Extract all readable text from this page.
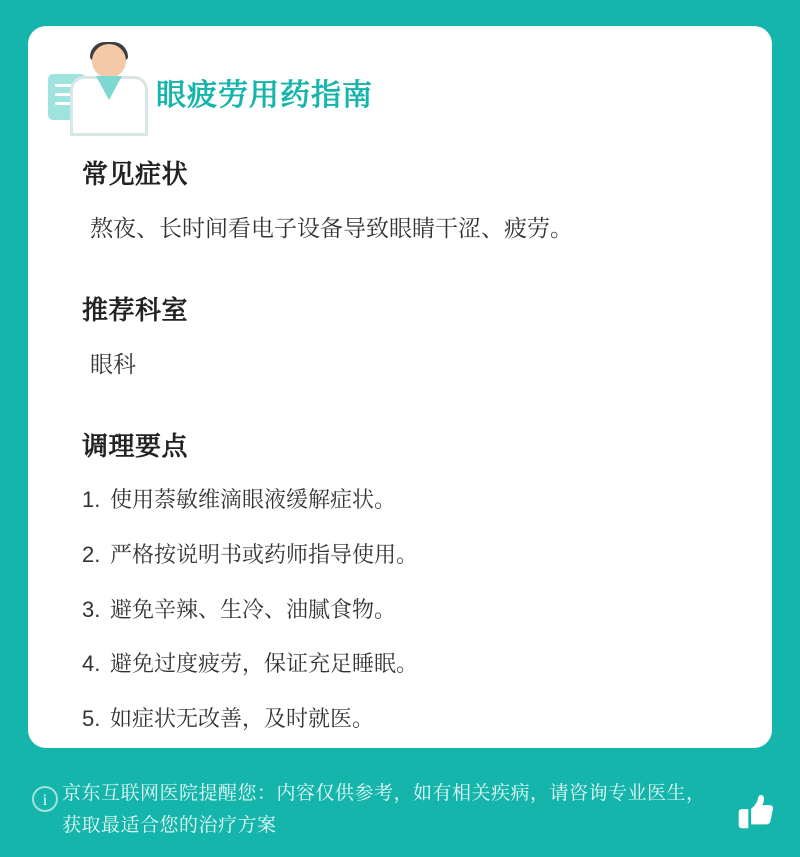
眼疲劳用药指南
常见症状

熬夜、长时间看电子设备导致眼睛干涩、疲劳。

推荐科室

眼科

调理要点
1. 使用萘敏维滴眼液缓解症状。
2. 严格按说明书或药师指导使用。
3. 避免辛辣、生冷、油腻食物。
4. 避免过度疲劳，保证充足睡眠。
5. 如症状无改善，及时就医。
i 京东互联网医院提醒您：内容仅供参考，如有相关疾病，请咨询专业医生，获取最适合您的治疗方案
